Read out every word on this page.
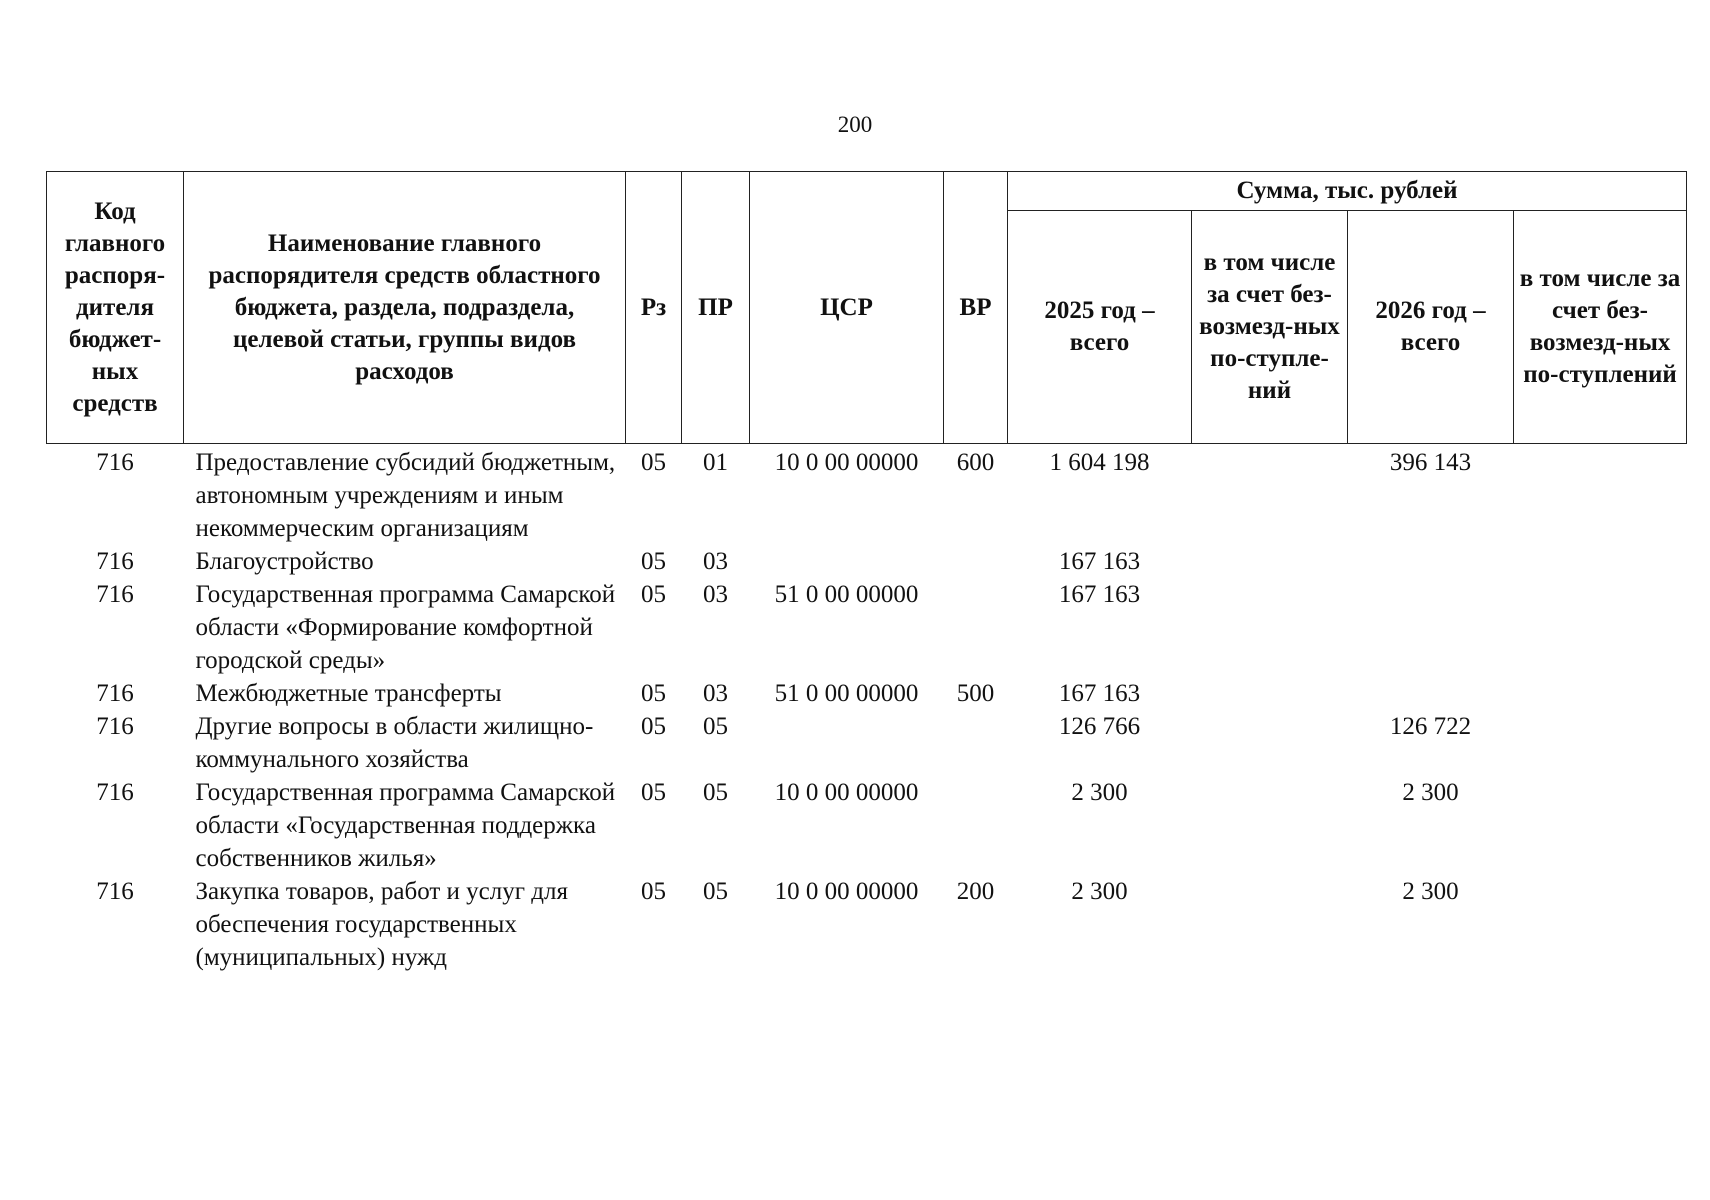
200
Код главного распоря-дителя бюджет-ных средств	Наименование главного распорядителя средств областного бюджета, раздела, подраздела, целевой статьи, группы видов расходов	Рз	ПР	ЦСР	ВР	Сумма, тыс. рублей			
						2025 год – всего	в том числе за счет без-возмезд-ных по-ступле-ний	2026 год – всего	в том числе за счет без-возмезд-ных по-ступлений
716	Предоставление субсидий бюджетным, автономным учреждениям и иным некоммерческим организациям	05	01	10 0 00 00000	600	1 604 198		396 143	
716	Благоустройство	05	03			167 163			
716	Государственная программа Самарской области «Формирование комфортной городской среды»	05	03	51 0 00 00000		167 163			
716	Межбюджетные трансферты	05	03	51 0 00 00000	500	167 163			
716	Другие вопросы в области жилищно-коммунального хозяйства	05	05			126 766		126 722	
716	Государственная программа Самарской области «Государственная поддержка собственников жилья»	05	05	10 0 00 00000		2 300		2 300	
716	Закупка товаров, работ и услуг для обеспечения государственных (муниципальных) нужд	05	05	10 0 00 00000	200	2 300		2 300	
